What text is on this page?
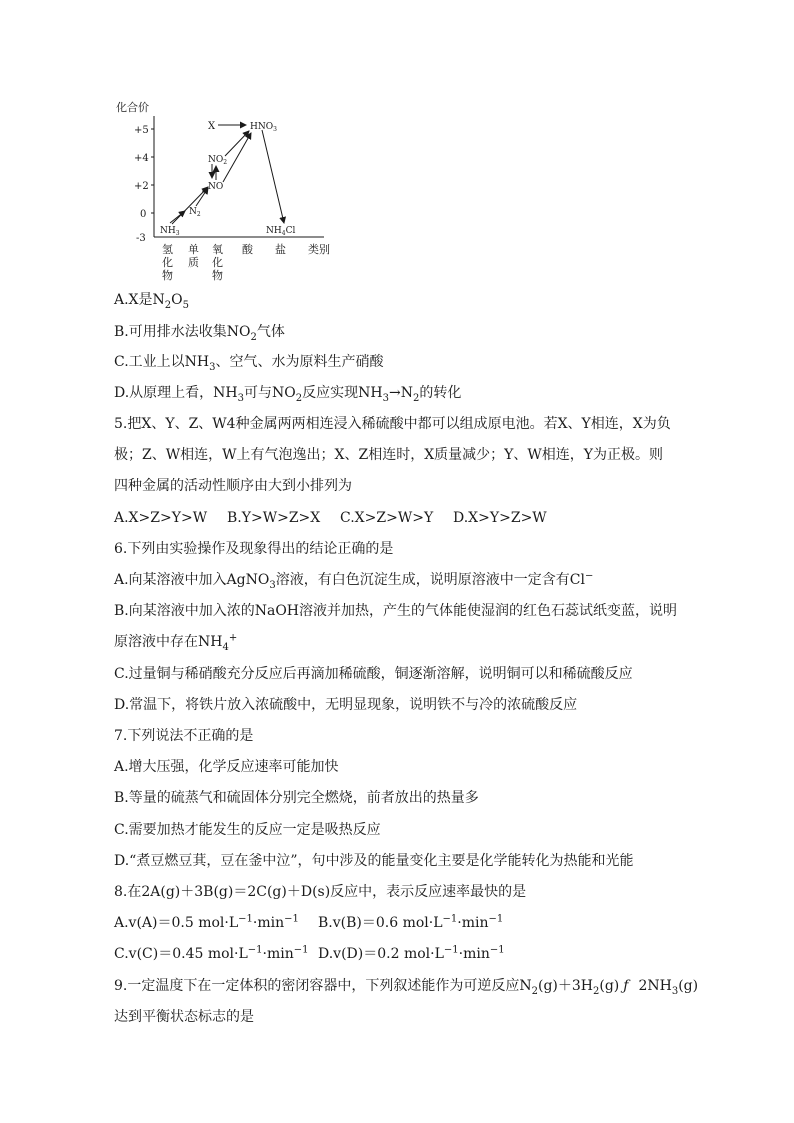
化合价
+5
+4
+2
0
-3
类别
氢
化
物
单
质
氧
化
物
酸 盐
X	$HNO_3$
$NO_2$
NO
$N_2$
$NH_3$	$NH_4Cl$
A.X是$N_2O_5$
B.可用排水法收集$NO_2$气体
C.工业上以$NH_3$、空气、水为原料生产硝酸
D.从原理上看，$NH_3$可与$NO_2$反应实现$NH_3\to N_2$的转化
5.把X、Y、Z、W4种金属两两相连浸入稀硫酸中都可以组成原电池。若X、Y相连，X为负
极；Z、W相连，W上有气泡逸出；X、Z相连时，X质量减少；Y、W相连，Y为正极。则
四种金属的活动性顺序由大到小排列为
A.X>Z>Y>W B.Y>W>Z>X C.X>Z>W>Y D.X>Y>Z>W
6.下列由实验操作及现象得出的结论正确的是
A.向某溶液中加入AgNO$_3$溶液，有白色沉淀生成，说明原溶液中一定含有Cl−
B.向某溶液中加入浓的NaOH溶液并加热，产生的气体能使湿润的红色石蕊试纸变蓝，说明
原溶液中存在$NH_4^+$
C.过量铜与稀硝酸充分反应后再滴加稀硫酸，铜逐渐溶解，说明铜可以和稀硫酸反应
D.常温下，将铁片放入浓硫酸中，无明显现象，说明铁不与冷的浓硫酸反应
7.下列说法不正确的是
A.增大压强，化学反应速率可能加快
B.等量的硫蒸气和硫固体分别完全燃烧，前者放出的热量多
C.需要加热才能发生的反应一定是吸热反应
D.“煮豆燃豆萁，豆在釜中泣”，句中涉及的能量变化主要是化学能转化为热能和光能
8.在2A(g)＋3B(g)＝2C(g)＋D(s)反应中，表示反应速率最快的是
A.v(A)＝0.5 $mol\cdot L^{-1}\cdot\min^{-1}$ B.v(B)＝0.6 $mol\cdot L^{-1}\cdot\min^{-1}$
C.v(C)＝0.45 $mol\cdot L^{-1}\cdot\min^{-1}$ D.v(D)＝0.2 $mol\cdot L^{-1}\cdot\min^{-1}$
9.一定温度下在一定体积的密闭容器中，下列叙述能作为可逆反应$N_2(g)+3H_2(g)$ ƒ $2NH_3(g)$
达到平衡状态标志的是
